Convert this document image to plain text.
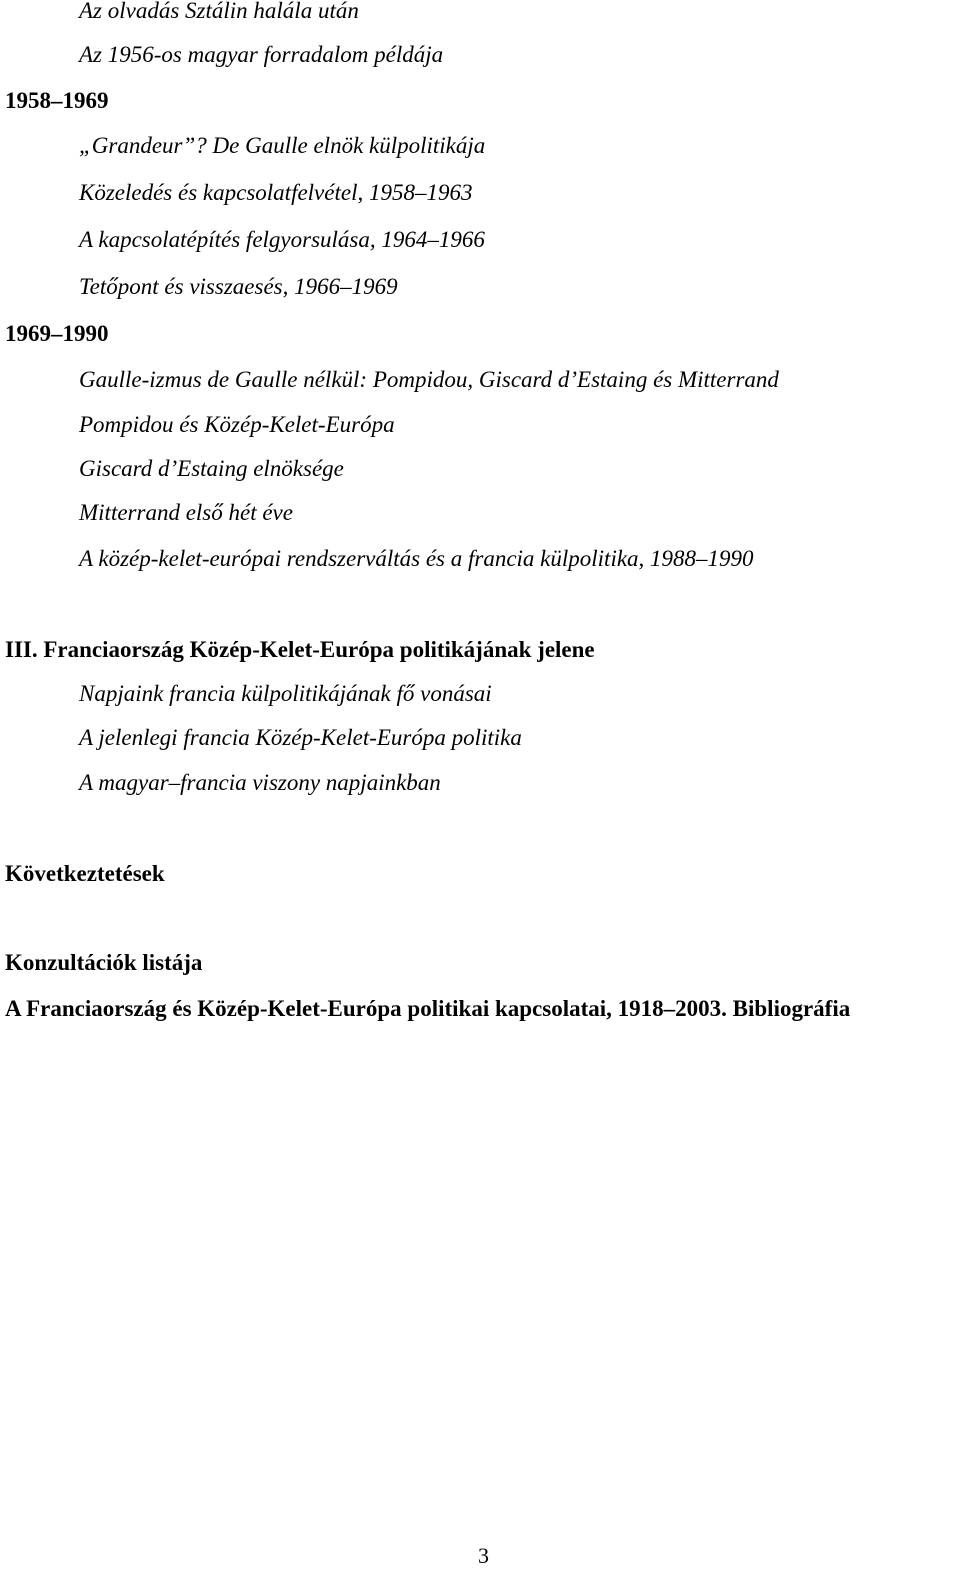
Az olvadás Sztálin halála után
Az 1956-os magyar forradalom példája
1958–1969
„Grandeur”? De Gaulle elnök külpolitikája
Közeledés és kapcsolatfelvétel, 1958–1963
A kapcsolatépítés felgyorsulása, 1964–1966
Tetőpont és visszaesés, 1966–1969
1969–1990
Gaulle-izmus de Gaulle nélkül: Pompidou, Giscard d’Estaing és Mitterrand
Pompidou és Közép-Kelet-Európa
Giscard d’Estaing elnöksége
Mitterrand első hét éve
A közép-kelet-európai rendszerváltás és a francia külpolitika, 1988–1990
III. Franciaország Közép-Kelet-Európa politikájának jelene
Napjaink francia külpolitikájának fő vonásai
A jelenlegi francia Közép-Kelet-Európa politika
A magyar–francia viszony napjainkban
Következtetések
Konzultációk listája
A Franciaország és Közép-Kelet-Európa politikai kapcsolatai, 1918–2003. Bibliográfia
3
